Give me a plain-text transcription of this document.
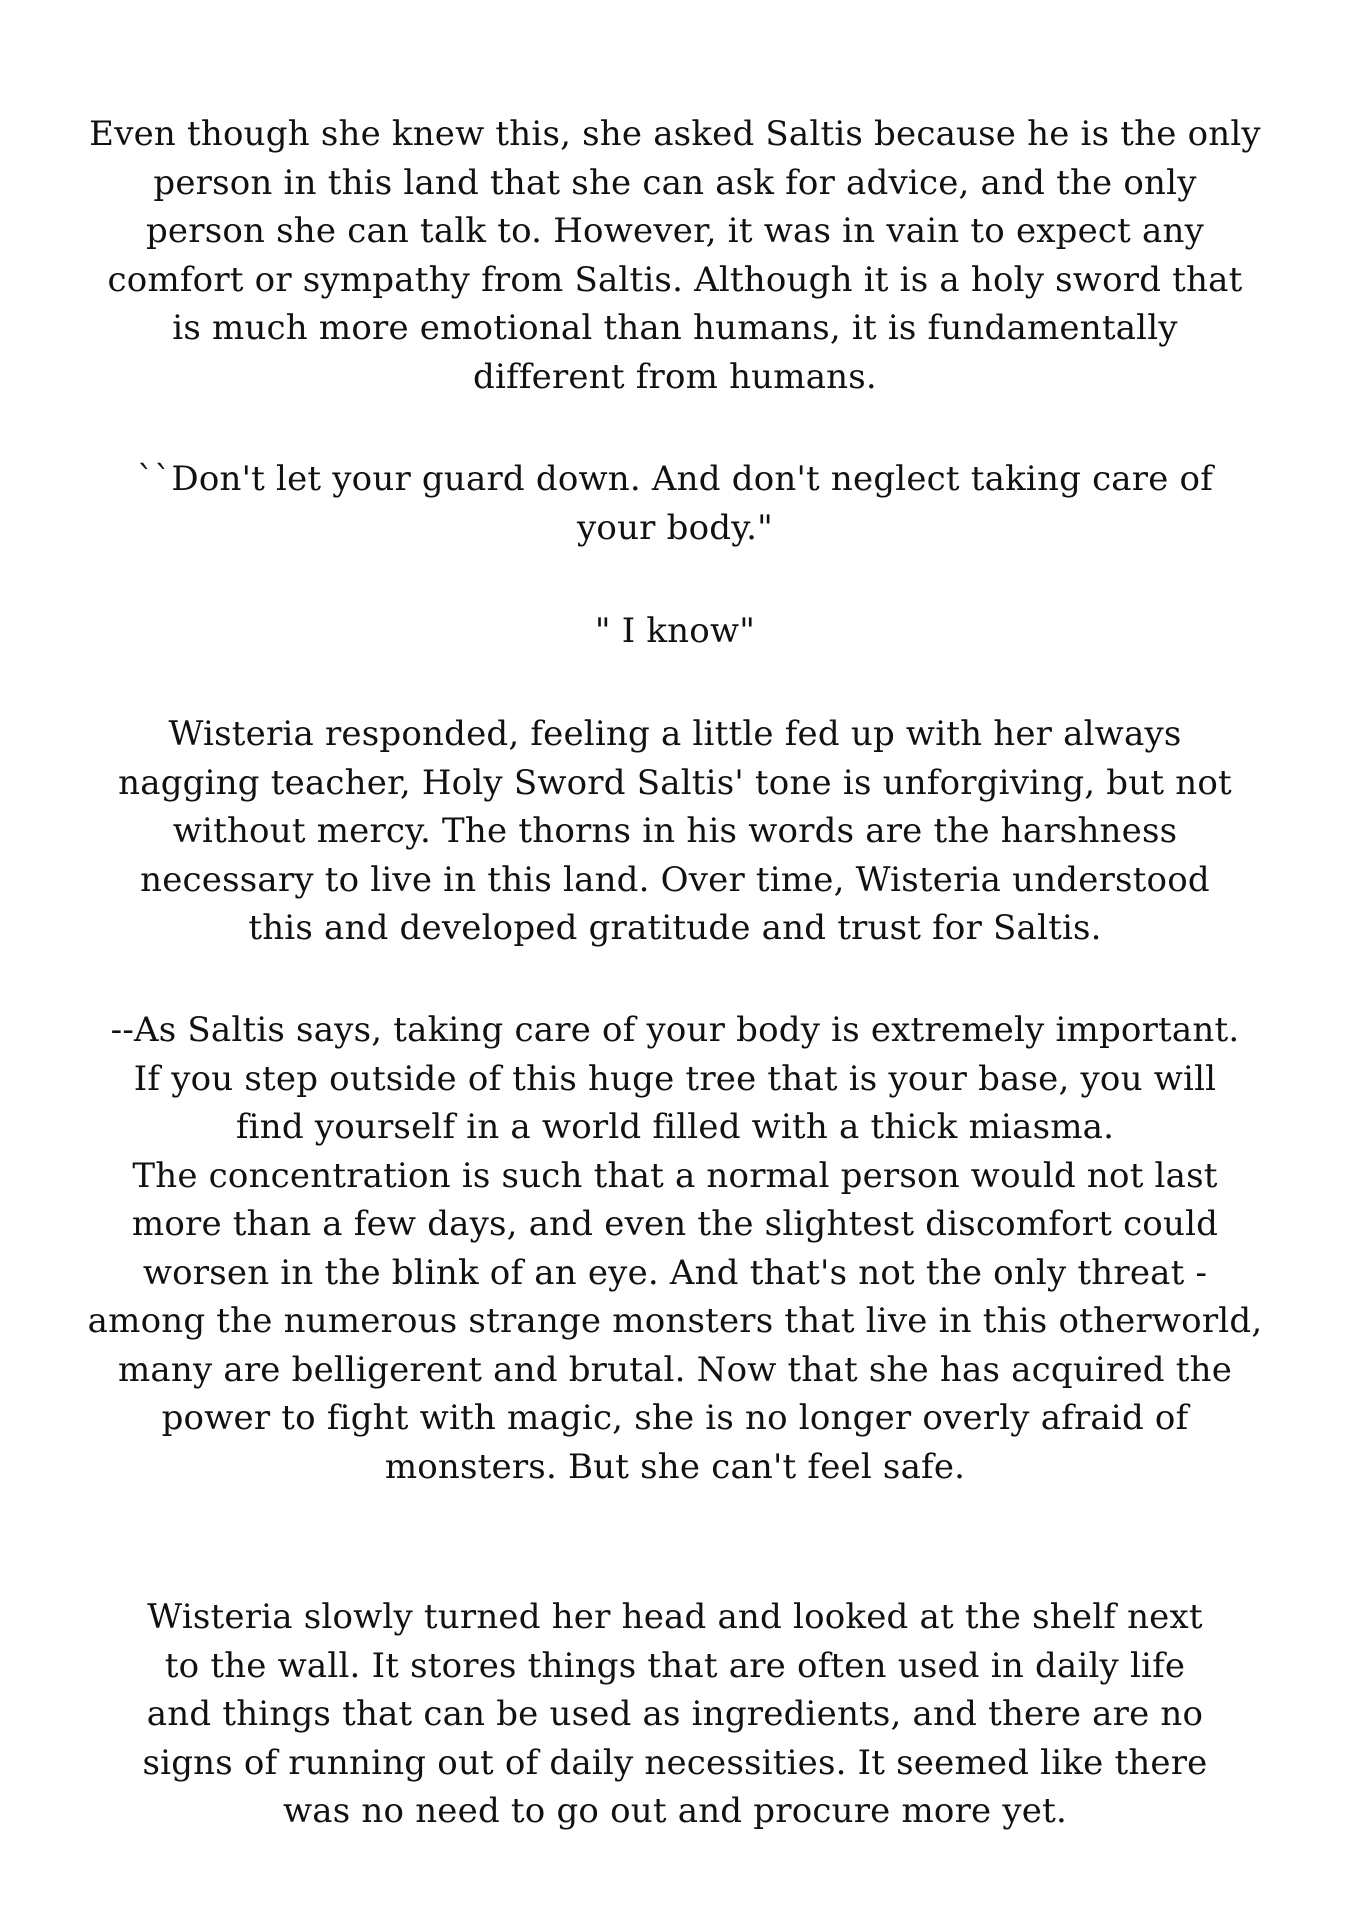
Even though she knew this, she asked Saltis because he is the only
person in this land that she can ask for advice, and the only
person she can talk to. However, it was in vain to expect any
comfort or sympathy from Saltis. Although it is a holy sword that
is much more emotional than humans, it is fundamentally
different from humans.

``Don't let your guard down. And don't neglect taking care of
your body."

" I know"

Wisteria responded, feeling a little fed up with her always
nagging teacher, Holy Sword Saltis' tone is unforgiving, but not
without mercy. The thorns in his words are the harshness
necessary to live in this land. Over time, Wisteria understood
this and developed gratitude and trust for Saltis.

--As Saltis says, taking care of your body is extremely important.
If you step outside of this huge tree that is your base, you will
find yourself in a world filled with a thick miasma.
The concentration is such that a normal person would not last
more than a few days, and even the slightest discomfort could
worsen in the blink of an eye. And that's not the only threat -
among the numerous strange monsters that live in this otherworld,
many are belligerent and brutal. Now that she has acquired the
power to fight with magic, she is no longer overly afraid of
monsters. But she can't feel safe.

Wisteria slowly turned her head and looked at the shelf next
to the wall. It stores things that are often used in daily life
and things that can be used as ingredients, and there are no
signs of running out of daily necessities. It seemed like there
was no need to go out and procure more yet.
